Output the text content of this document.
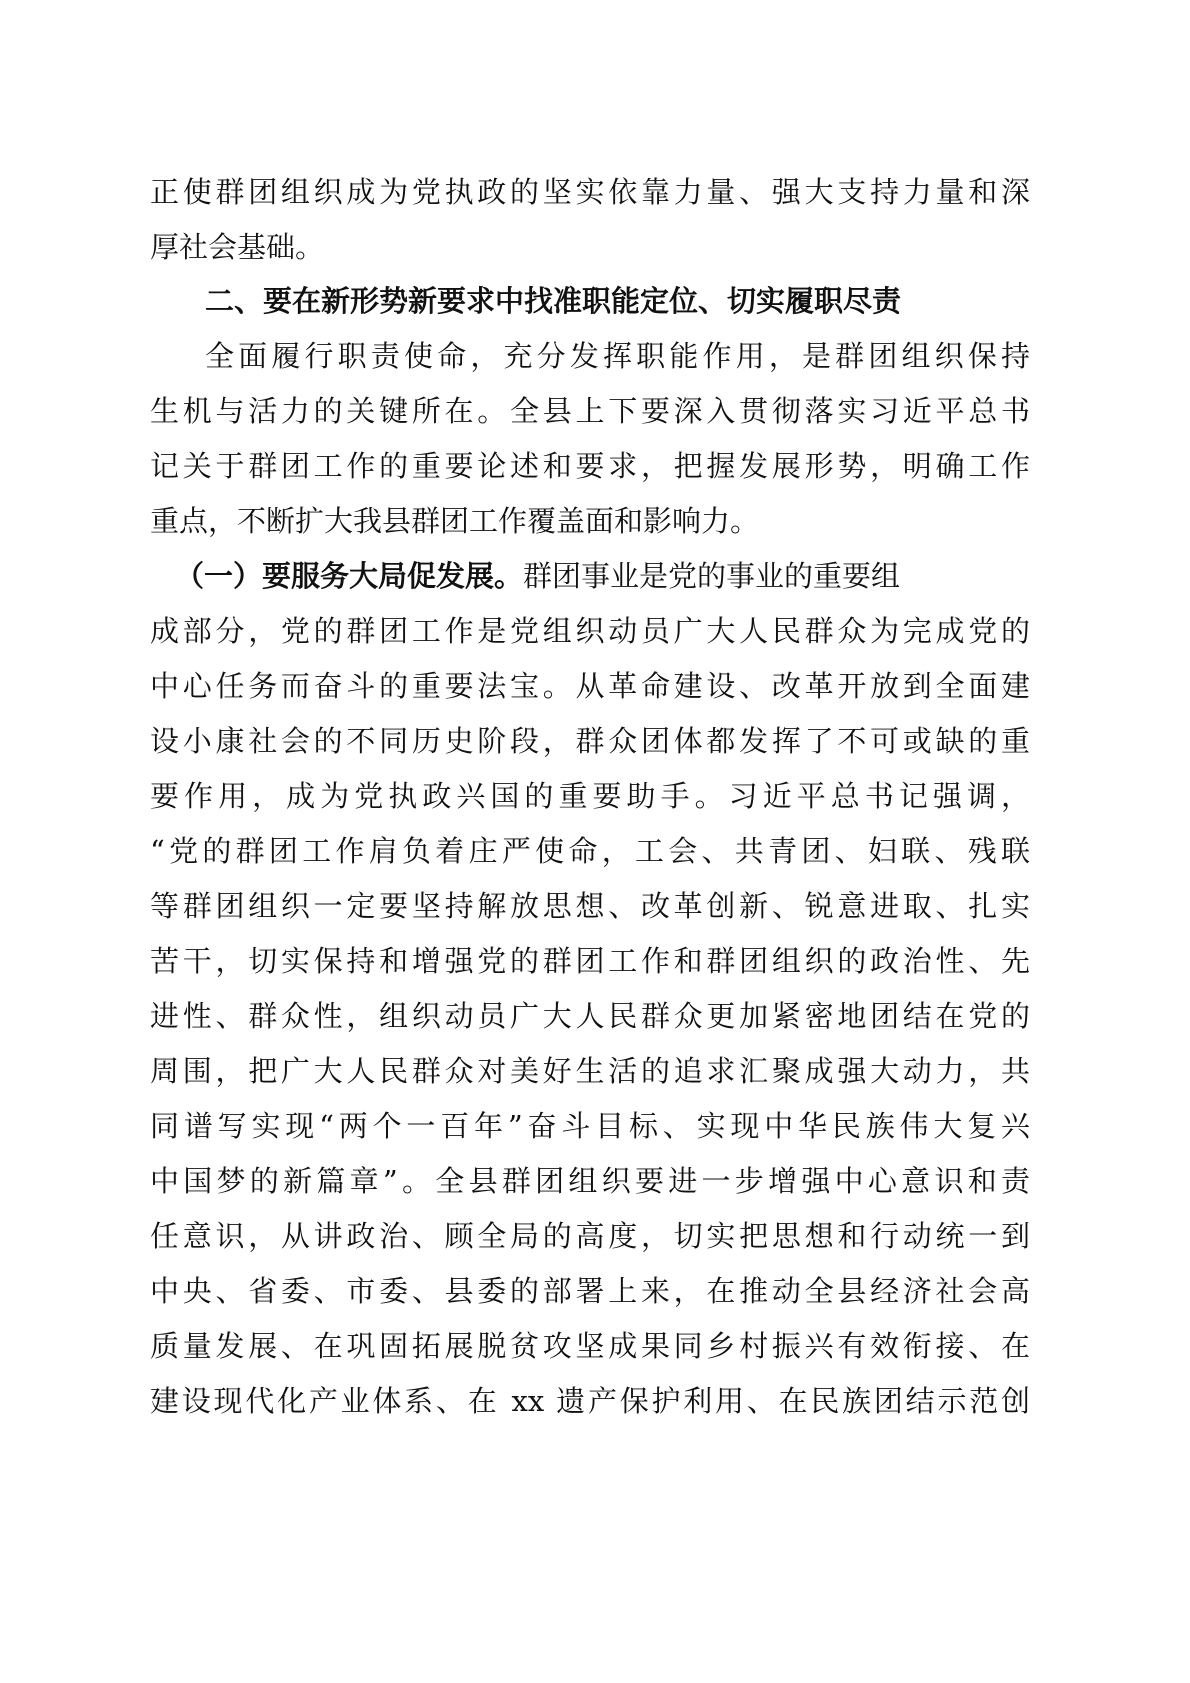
正使群团组织成为党执政的坚实依靠力量、强大支持力量和深
厚社会基础。
二、要在新形势新要求中找准职能定位、切实履职尽责
全面履行职责使命，充分发挥职能作用，是群团组织保持
生机与活力的关键所在。全县上下要深入贯彻落实习近平总书
记关于群团工作的重要论述和要求，把握发展形势，明确工作
重点，不断扩大我县群团工作覆盖面和影响力。
（一）要服务大局促发展。群团事业是党的事业的重要组
成部分，党的群团工作是党组织动员广大人民群众为完成党的
中心任务而奋斗的重要法宝。从革命建设、改革开放到全面建
设小康社会的不同历史阶段，群众团体都发挥了不可或缺的重
要作用，成为党执政兴国的重要助手。习近平总书记强调，
“党的群团工作肩负着庄严使命，工会、共青团、妇联、残联
等群团组织一定要坚持解放思想、改革创新、锐意进取、扎实
苦干，切实保持和增强党的群团工作和群团组织的政治性、先
进性、群众性，组织动员广大人民群众更加紧密地团结在党的
周围，把广大人民群众对美好生活的追求汇聚成强大动力，共
同谱写实现“两个一百年”奋斗目标、实现中华民族伟大复兴
中国梦的新篇章”。全县群团组织要进一步增强中心意识和责
任意识，从讲政治、顾全局的高度，切实把思想和行动统一到
中央、省委、市委、县委的部署上来，在推动全县经济社会高
质量发展、在巩固拓展脱贫攻坚成果同乡村振兴有效衔接、在
建设现代化产业体系、在 xx 遗产保护利用、在民族团结示范创
